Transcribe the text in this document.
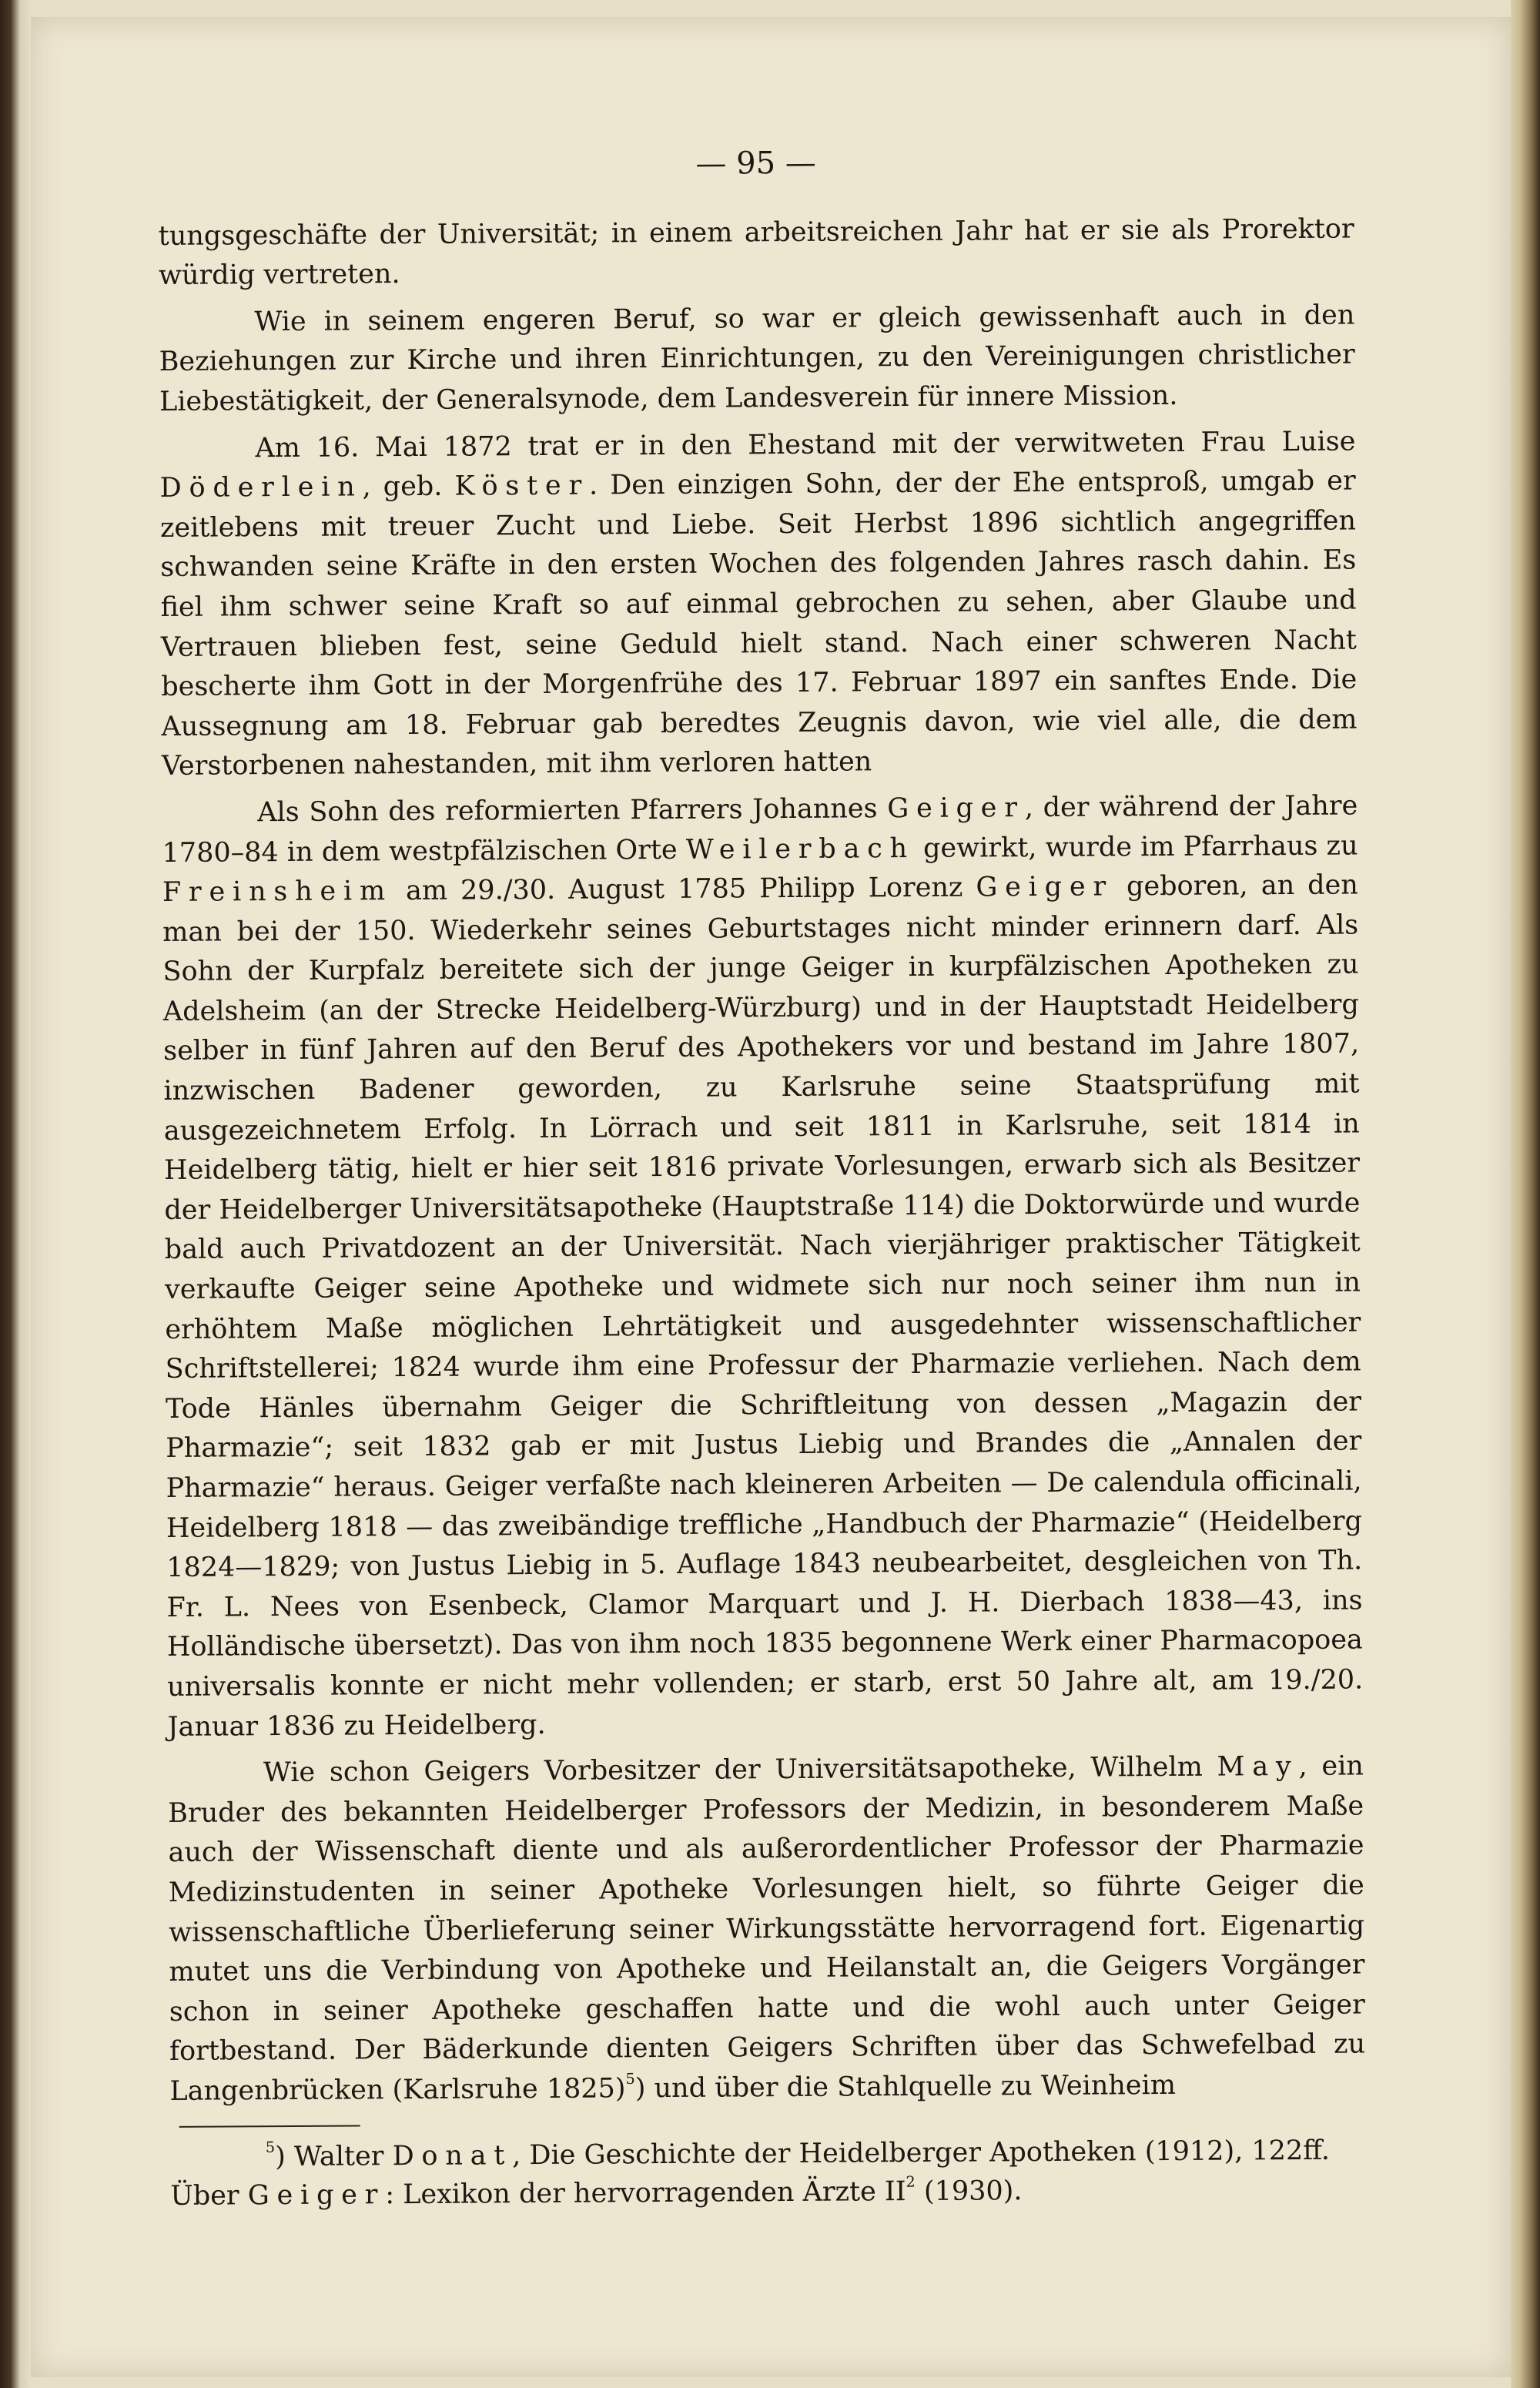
— 95 —

tungsgeschäfte der Universität; in einem arbeitsreichen Jahr hat er sie als Prorektor würdig vertreten.

Wie in seinem engeren Beruf, so war er gleich gewissenhaft auch in den Beziehungen zur Kirche und ihren Einrichtungen, zu den Vereinigungen christlicher Liebestätigkeit, der Generalsynode, dem Landesverein für innere Mission.

Am 16. Mai 1872 trat er in den Ehestand mit der verwitweten Frau Luise Döderlein, geb. Köster. Den einzigen Sohn, der der Ehe entsproß, umgab er zeitlebens mit treuer Zucht und Liebe. Seit Herbst 1896 sichtlich angegriffen schwanden seine Kräfte in den ersten Wochen des folgenden Jahres rasch dahin. Es fiel ihm schwer seine Kraft so auf einmal gebrochen zu sehen, aber Glaube und Vertrauen blieben fest, seine Geduld hielt stand. Nach einer schweren Nacht bescherte ihm Gott in der Morgenfrühe des 17. Februar 1897 ein sanftes Ende. Die Aussegnung am 18. Februar gab beredtes Zeugnis davon, wie viel alle, die dem Verstorbenen nahestanden, mit ihm verloren hatten

Als Sohn des reformierten Pfarrers Johannes Geiger, der während der Jahre 1780–84 in dem westpfälzischen Orte Weilerbach gewirkt, wurde im Pfarrhaus zu Freinsheim am 29./30. August 1785 Philipp Lorenz Geiger geboren, an den man bei der 150. Wiederkehr seines Geburtstages nicht minder erinnern darf. Als Sohn der Kurpfalz bereitete sich der junge Geiger in kurpfälzischen Apotheken zu Adelsheim (an der Strecke Heidelberg-Würzburg) und in der Hauptstadt Heidelberg selber in fünf Jahren auf den Beruf des Apothekers vor und bestand im Jahre 1807, inzwischen Badener geworden, zu Karlsruhe seine Staatsprüfung mit ausgezeichnetem Erfolg. In Lörrach und seit 1811 in Karlsruhe, seit 1814 in Heidelberg tätig, hielt er hier seit 1816 private Vorlesungen, erwarb sich als Besitzer der Heidelberger Universitätsapotheke (Hauptstraße 114) die Doktorwürde und wurde bald auch Privatdozent an der Universität. Nach vierjähriger praktischer Tätigkeit verkaufte Geiger seine Apotheke und widmete sich nur noch seiner ihm nun in erhöhtem Maße möglichen Lehrtätigkeit und ausgedehnter wissenschaftlicher Schriftstellerei; 1824 wurde ihm eine Professur der Pharmazie verliehen. Nach dem Tode Hänles übernahm Geiger die Schriftleitung von dessen „Magazin der Pharmazie“; seit 1832 gab er mit Justus Liebig und Brandes die „Annalen der Pharmazie“ heraus. Geiger verfaßte nach kleineren Arbeiten — De calendula officinali, Heidelberg 1818 — das zweibändige treffliche „Handbuch der Pharmazie“ (Heidelberg 1824—1829; von Justus Liebig in 5. Auflage 1843 neubearbeitet, desgleichen von Th. Fr. L. Nees von Esenbeck, Clamor Marquart und J. H. Dierbach 1838—43, ins Holländische übersetzt). Das von ihm noch 1835 begonnene Werk einer Pharmacopoea universalis konnte er nicht mehr vollenden; er starb, erst 50 Jahre alt, am 19./20. Januar 1836 zu Heidelberg.

Wie schon Geigers Vorbesitzer der Universitätsapotheke, Wilhelm May, ein Bruder des bekannten Heidelberger Professors der Medizin, in besonderem Maße auch der Wissenschaft diente und als außerordentlicher Professor der Pharmazie Medizinstudenten in seiner Apotheke Vorlesungen hielt, so führte Geiger die wissenschaftliche Überlieferung seiner Wirkungsstätte hervorragend fort. Eigenartig mutet uns die Verbindung von Apotheke und Heilanstalt an, die Geigers Vorgänger schon in seiner Apotheke geschaffen hatte und die wohl auch unter Geiger fortbestand. Der Bäderkunde dienten Geigers Schriften über das Schwefelbad zu Langenbrücken (Karlsruhe 1825)$^5$) und über die Stahlquelle zu Weinheim

$^5$) Walter Donat, Die Geschichte der Heidelberger Apotheken (1912), 122ff.
Über Geiger: Lexikon der hervorragenden Ärzte $II^2$ (1930).
